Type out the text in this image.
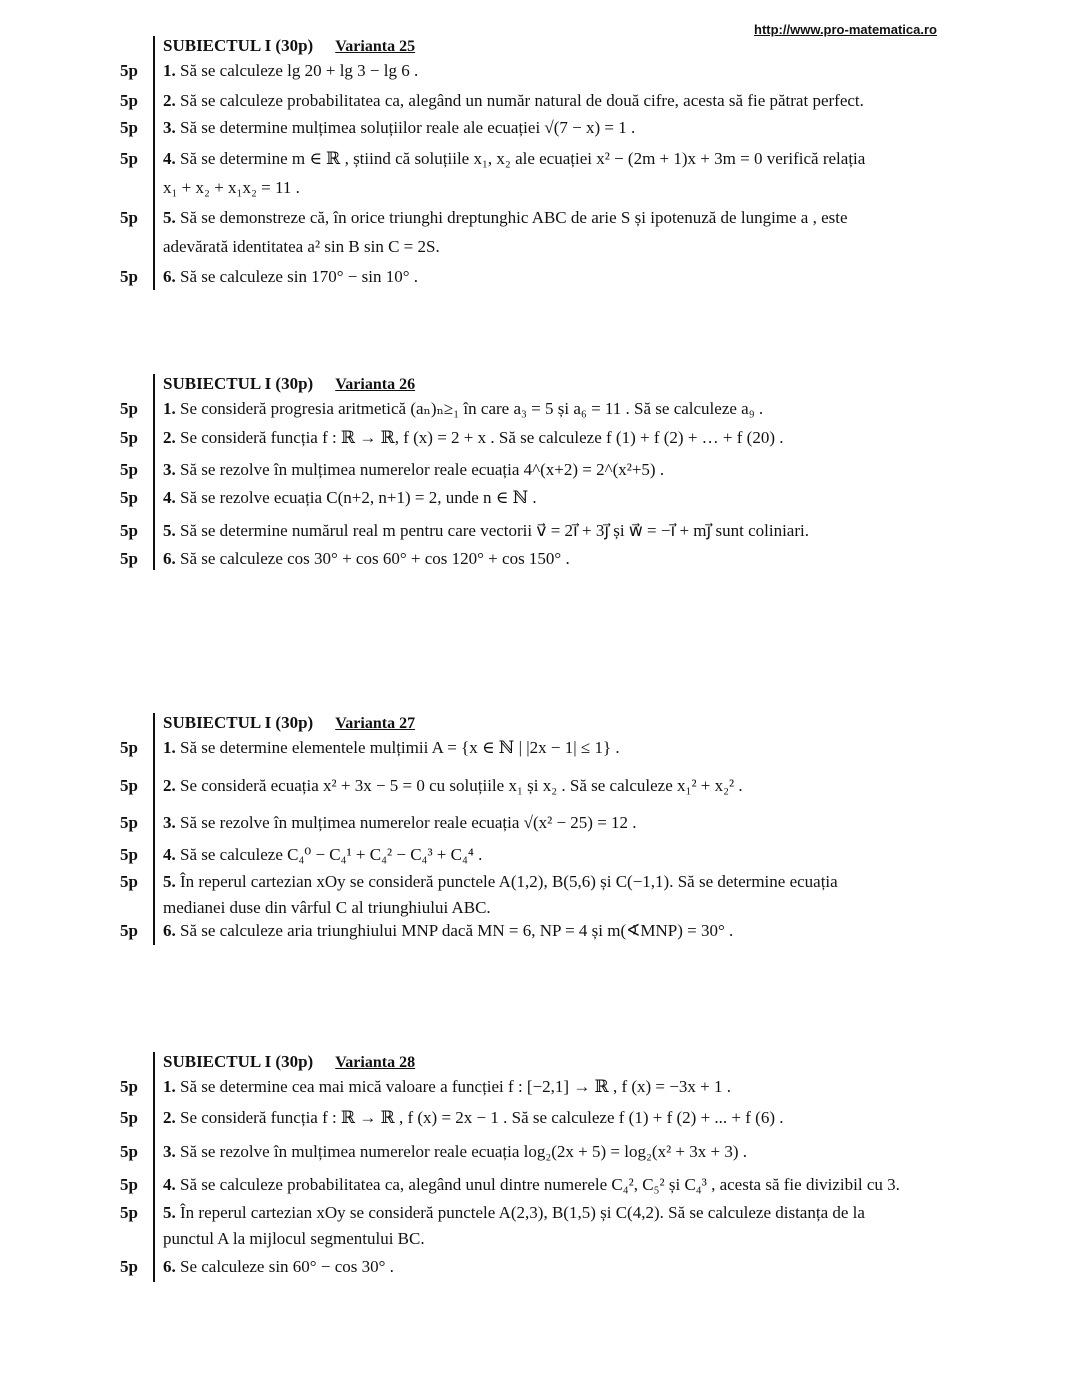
http://www.pro-matematica.ro
SUBIECTUL I (30p) Varianta 25
5p	1. Să se calculeze lg 20 + lg 3 − lg 6 .
5p	2. Să se calculeze probabilitatea ca, alegând un număr natural de două cifre, acesta să fie pătrat perfect.
5p	3. Să se determine mulțimea soluțiilor reale ale ecuației √(7 − x) = 1 .
5p	4. Să se determine m ∈ ℝ , știind că soluțiile x₁, x₂ ale ecuației x² − (2m + 1)x + 3m = 0 verifică relația
x₁ + x₂ + x₁x₂ = 11 .
5p	5. Să se demonstreze că, în orice triunghi dreptunghic ABC de arie S și ipotenuză de lungime a , este
adevărată identitatea a² sin B sin C = 2S.
5p	6. Să se calculeze sin 170° − sin 10° .
SUBIECTUL I (30p) Varianta 26
5p	1. Se consideră progresia aritmetică (aₙ)ₙ≥₁ în care a₃ = 5 și a₆ = 11 . Să se calculeze a₉ .
5p	2. Se consideră funcția f : ℝ → ℝ, f (x) = 2 + x . Să se calculeze f (1) + f (2) + … + f (20) .
5p	3. Să se rezolve în mulțimea numerelor reale ecuația 4^(x+2) = 2^(x²+5) .
5p	4. Să se rezolve ecuația C(n+2, n+1) = 2, unde n ∈ ℕ .
5p	5. Să se determine numărul real m pentru care vectorii v⃗ = 2i⃗ + 3j⃗ și w⃗ = −i⃗ + mj⃗ sunt coliniari.
5p	6. Să se calculeze cos 30° + cos 60° + cos 120° + cos 150° .
SUBIECTUL I (30p) Varianta 27
5p	1. Să se determine elementele mulțimii A = {x ∈ ℕ | |2x − 1| ≤ 1} .
5p	2. Se consideră ecuația x² + 3x − 5 = 0 cu soluțiile x₁ și x₂ . Să se calculeze x₁² + x₂² .
5p	3. Să se rezolve în mulțimea numerelor reale ecuația √(x² − 25) = 12 .
5p	4. Să se calculeze C₄⁰ − C₄¹ + C₄² − C₄³ + C₄⁴ .
5p	5. În reperul cartezian xOy se consideră punctele A(1,2), B(5,6) și C(−1,1). Să se determine ecuația
medianei duse din vârful C al triunghiului ABC.
5p	6. Să se calculeze aria triunghiului MNP dacă MN = 6, NP = 4 și m(∢MNP) = 30° .
SUBIECTUL I (30p) Varianta 28
5p	1. Să se determine cea mai mică valoare a funcției f : [−2,1] → ℝ , f (x) = −3x + 1 .
5p	2. Se consideră funcția f : ℝ → ℝ , f (x) = 2x − 1 . Să se calculeze f (1) + f (2) + ... + f (6) .
5p	3. Să se rezolve în mulțimea numerelor reale ecuația log₂(2x + 5) = log₂(x² + 3x + 3) .
5p	4. Să se calculeze probabilitatea ca, alegând unul dintre numerele C₄², C₅² și C₄³ , acesta să fie divizibil cu 3.
5p	5. În reperul cartezian xOy se consideră punctele A(2,3), B(1,5) și C(4,2). Să se calculeze distanța de la
punctul A la mijlocul segmentului BC.
5p	6. Se calculeze sin 60° − cos 30° .
